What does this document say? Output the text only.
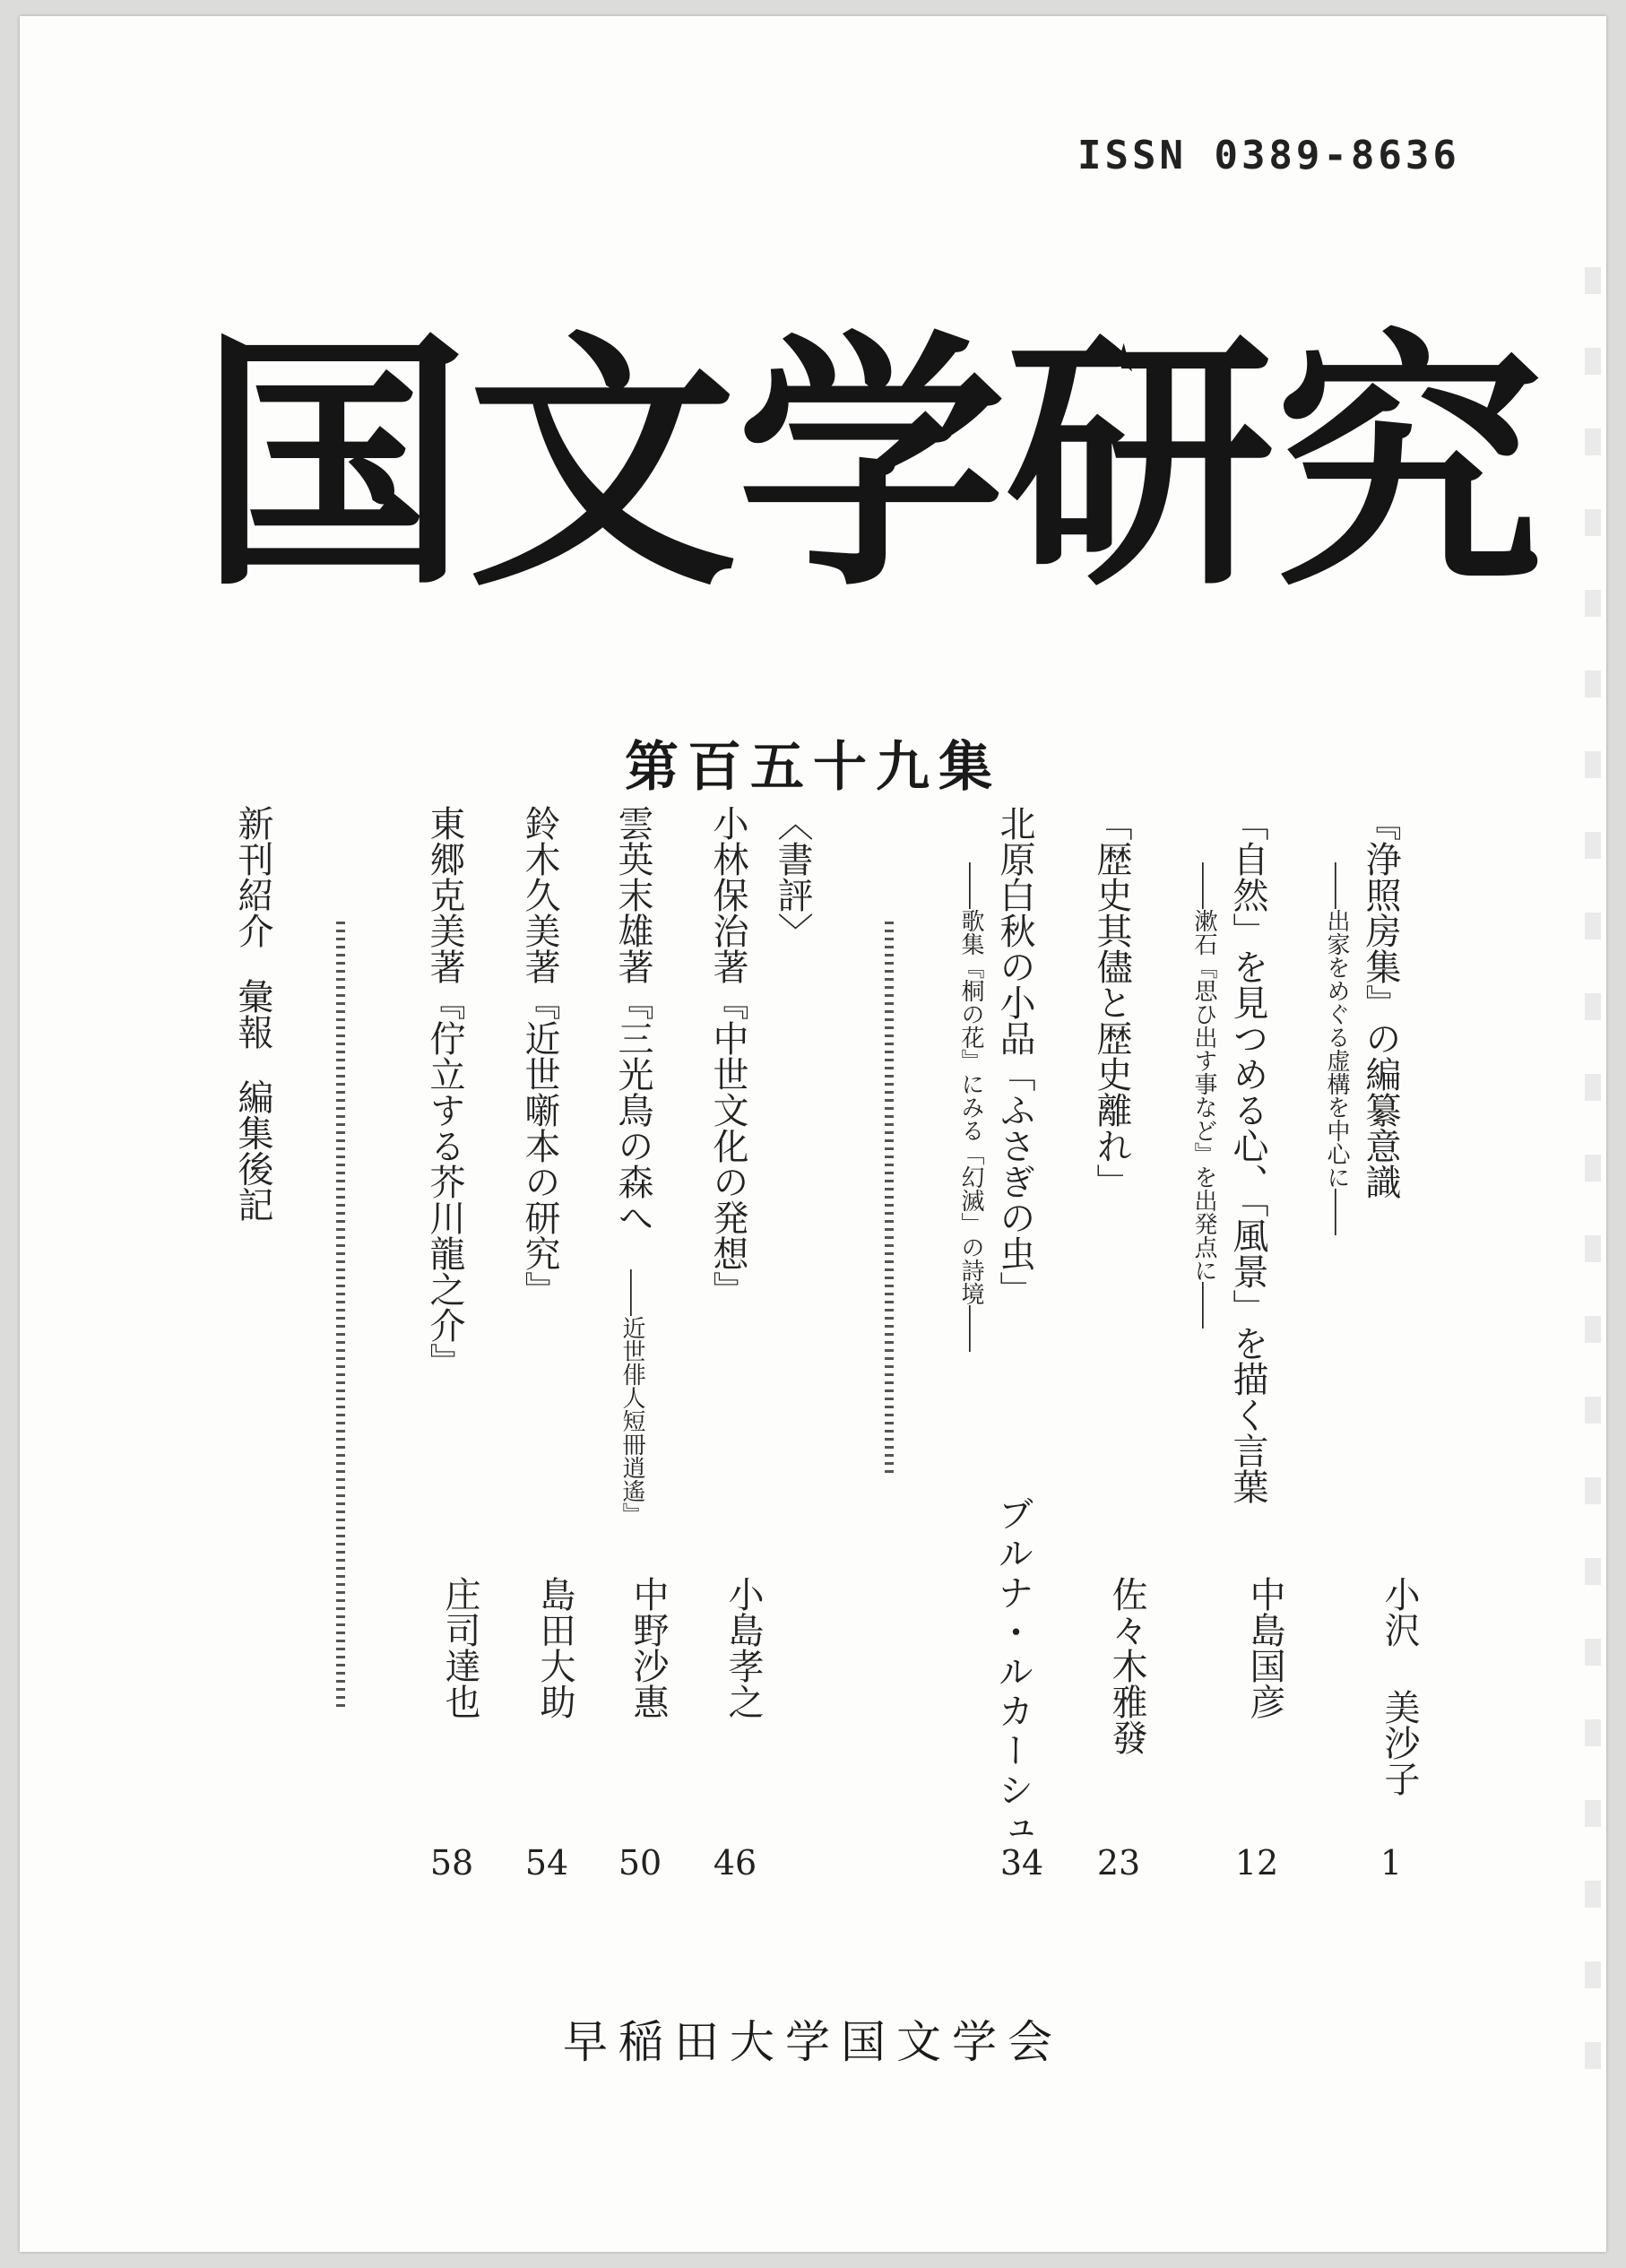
ISSN 0389-8636
国文学研究
第百五十九集
『浄照房集』の編纂意識
――出家をめぐる虚構を中心に――
「自然」を見つめる心、「風景」を描く言葉
――漱石『思ひ出す事など』を出発点に――
「歴史其儘と歴史離れ」
北原白秋の小品「ふさぎの虫」
――歌集『桐の花』にみる「幻滅」の詩境――
ブルナ・ルカーシュ
〈書評〉
小林保治著『中世文化の発想』
雲英末雄著『三光鳥の森へ
――近世俳人短冊逍遙』
鈴木久美著『近世噺本の研究』
東郷克美著『佇立する芥川龍之介』
新刊紹介 彙報 編集後記
小沢 美沙子
中島国彦
佐々木雅發
小島孝之
中野沙惠
島田大助
庄司達也
1
12
23
34
46
50
54
58
早稲田大学国文学会
